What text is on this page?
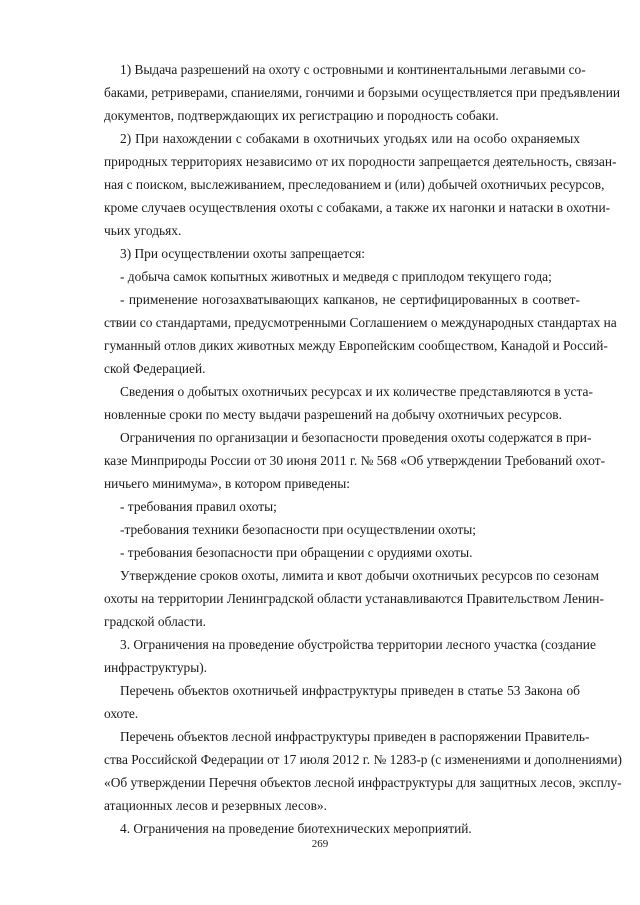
1) Выдача разрешений на охоту с островными и континентальными легавыми со-
баками, ретриверами, спаниелями, гончими и борзыми осуществляется при предъявлении
документов, подтверждающих их регистрацию и породность собаки.
2) При нахождении с собаками в охотничьих угодьях или на особо охраняемых
природных территориях независимо от их породности запрещается деятельность, связан-
ная с поиском, выслеживанием, преследованием и (или) добычей охотничьих ресурсов,
кроме случаев осуществления охоты с собаками, а также их нагонки и натаски в охотни-
чьих угодьях.
3) При осуществлении охоты запрещается:
- добыча самок копытных животных и медведя с приплодом текущего года;
- применение ногозахватывающих капканов, не сертифицированных в соответ-
ствии со стандартами, предусмотренными Соглашением о международных стандартах на
гуманный отлов диких животных между Европейским сообществом, Канадой и Россий-
ской Федерацией.
Сведения о добытых охотничьих ресурсах и их количестве представляются в уста-
новленные сроки по месту выдачи разрешений на добычу охотничьих ресурсов.
Ограничения по организации и безопасности проведения охоты содержатся в при-
казе Минприроды России от 30 июня 2011 г. № 568 «Об утверждении Требований охот-
ничьего минимума», в котором приведены:
- требования правил охоты;
-требования техники безопасности при осуществлении охоты;
- требования безопасности при обращении с орудиями охоты.
Утверждение сроков охоты, лимита и квот добычи охотничьих ресурсов по сезонам
охоты на территории Ленинградской области устанавливаются Правительством Ленин-
градской области.
3. Ограничения на проведение обустройства территории лесного участка (создание
инфраструктуры).
Перечень объектов охотничьей инфраструктуры приведен в статье 53 Закона об
охоте.
Перечень объектов лесной инфраструктуры приведен в распоряжении Правитель-
ства Российской Федерации от 17 июля 2012 г. № 1283-р (с изменениями и дополнениями)
«Об утверждении Перечня объектов лесной инфраструктуры для защитных лесов, эксплу-
атационных лесов и резервных лесов».
4. Ограничения на проведение биотехнических мероприятий.
269
